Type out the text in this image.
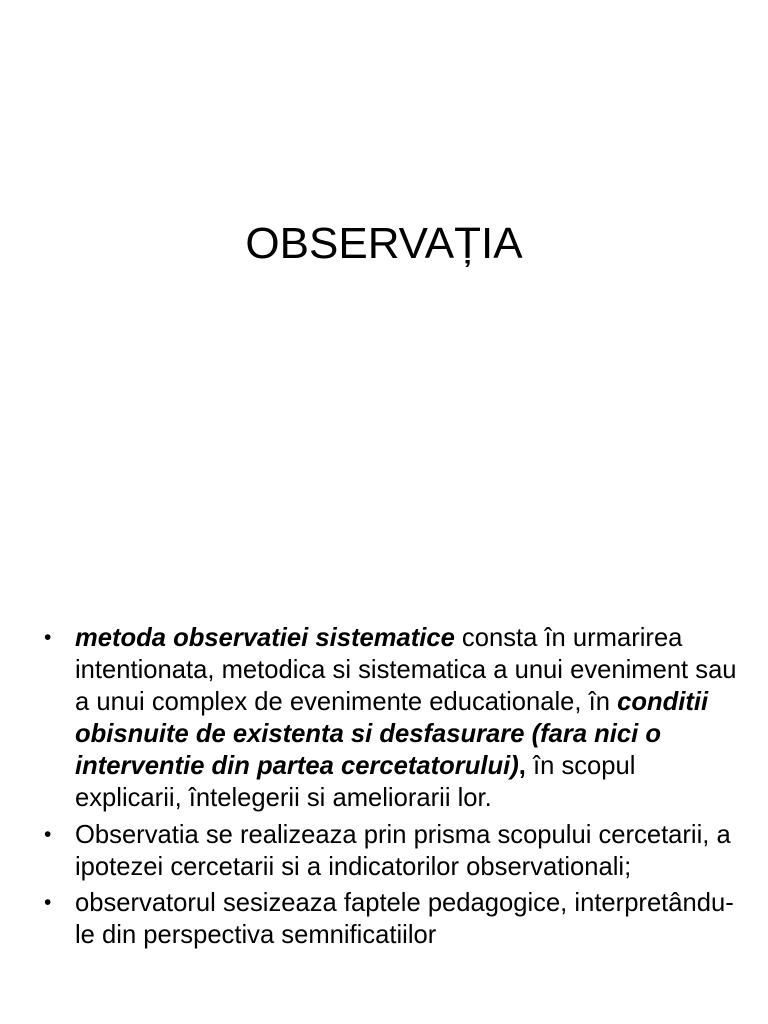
OBSERVAȚIA
• metoda observatiei sistematice consta în urmarirea intentionata, metodica si sistematica a unui eveniment sau a unui complex de evenimente educationale, în conditii obisnuite de existenta si desfasurare (fara nici o interventie din partea cercetatorului), în scopul explicarii, întelegerii si ameliorarii lor.
• Observatia se realizeaza prin prisma scopului cercetarii, a ipotezei cercetarii si a indicatorilor observationali;
• observatorul sesizeaza faptele pedagogice, interpretându-le din perspectiva semnificatiilor
